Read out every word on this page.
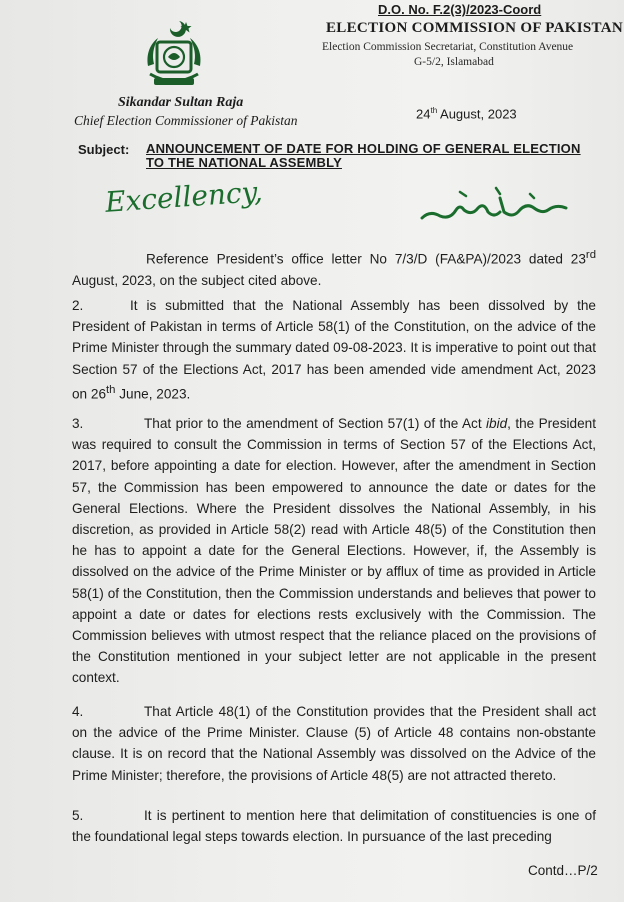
D.O. No. F.2(3)/2023-Coord
ELECTION COMMISSION OF PAKISTAN
Election Commission Secretariat, Constitution Avenue
G-5/2, Islamabad
Sikandar Sultan Raja
Chief Election Commissioner of Pakistan	24th August, 2023
Subject: ANNOUNCEMENT OF DATE FOR HOLDING OF GENERAL ELECTION TO THE NATIONAL ASSEMBLY
Excellency,	بسم اللہ
Reference President’s office letter No 7/3/D (FA&PA)/2023 dated 23rd August, 2023, on the subject cited above.
2.	It is submitted that the National Assembly has been dissolved by the President of Pakistan in terms of Article 58(1) of the Constitution, on the advice of the Prime Minister through the summary dated 09-08-2023. It is imperative to point out that Section 57 of the Elections Act, 2017 has been amended vide amendment Act, 2023 on 26th June, 2023.
3.	That prior to the amendment of Section 57(1) of the Act ibid, the President was required to consult the Commission in terms of Section 57 of the Elections Act, 2017, before appointing a date for election. However, after the amendment in Section 57, the Commission has been empowered to announce the date or dates for the General Elections. Where the President dissolves the National Assembly, in his discretion, as provided in Article 58(2) read with Article 48(5) of the Constitution then he has to appoint a date for the General Elections. However, if, the Assembly is dissolved on the advice of the Prime Minister or by afflux of time as provided in Article 58(1) of the Constitution, then the Commission understands and believes that power to appoint a date or dates for elections rests exclusively with the Commission. The Commission believes with utmost respect that the reliance placed on the provisions of the Constitution mentioned in your subject letter are not applicable in the present context.
4.	That Article 48(1) of the Constitution provides that the President shall act on the advice of the Prime Minister. Clause (5) of Article 48 contains non-obstante clause. It is on record that the National Assembly was dissolved on the Advice of the Prime Minister; therefore, the provisions of Article 48(5) are not attracted thereto.
5.	It is pertinent to mention here that delimitation of constituencies is one of the foundational legal steps towards election. In pursuance of the last preceding
Contd…P/2
